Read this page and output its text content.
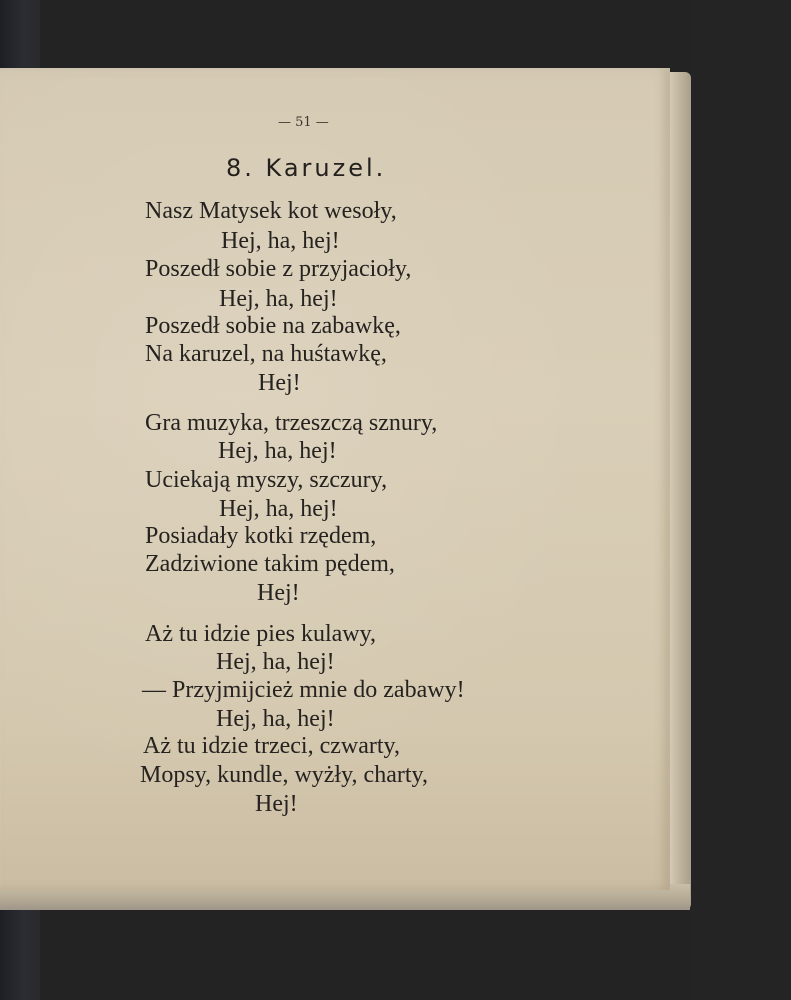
— 51 —
8. Karuzel.
Nasz Matysek kot wesoły,
Hej, ha, hej!
Poszedł sobie z przyjacioły,
Hej, ha, hej!
Poszedł sobie na zabawkę,
Na karuzel, na huśtawkę,
Hej!
Gra muzyka, trzeszczą sznury,
Hej, ha, hej!
Uciekają myszy, szczury,
Hej, ha, hej!
Posiadały kotki rzędem,
Zadziwione takim pędem,
Hej!
Aż tu idzie pies kulawy,
Hej, ha, hej!
— Przyjmijcież mnie do zabawy!
Hej, ha, hej!
Aż tu idzie trzeci, czwarty,
Mopsy, kundle, wyżły, charty,
Hej!
